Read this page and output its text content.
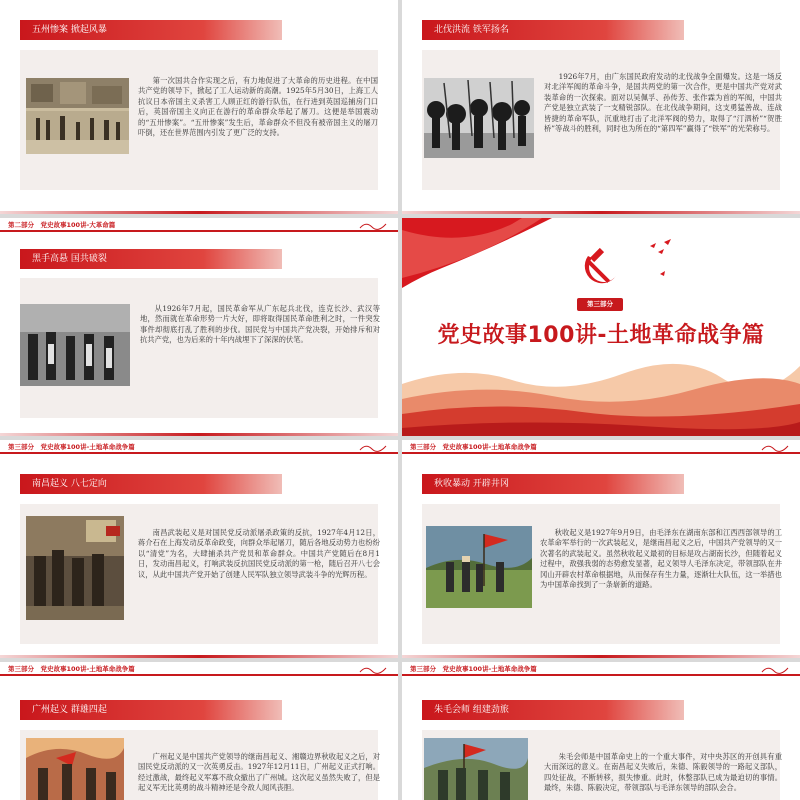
五州惨案 掀起风暴
第一次国共合作实现之后，有力地促进了大革命的历史进程。在中国共产党的领导下，掀起了工人运动新的高潮。1925年5月30日，上海工人抗议日本帝国主义杀害工人顾正红的游行队伍，在行进到英国巡捕房门口后，英国帝国主义向正在游行的革命群众举起了屠刀。这便是举国震动的“五卅惨案”。“五卅惨案”发生后，革命群众不但没有被帝国主义的屠刀吓倒，还在世界范围内引发了更广泛的支持。
北伐洪流 铁军扬名
1926年7月，由广东国民政府发动的北伐战争全面爆发。这是一场反对北洋军阀的革命斗争，是国共两党的第一次合作，更是中国共产党对武装革命的一次探索。面对以吴佩孚、孙传芳、张作霖为首的军阀，中国共产党是独立武装了一支精锐部队。在北伐战争期间，这支勇猛善战、连战皆捷的革命军队，沉重地打击了北洋军阀的势力，取得了“汀泗桥”“贺胜桥”等战斗的胜利，同时也为所在的“第四军”赢得了“铁军”的光荣称号。
第二部分　党史故事100讲-大革命篇
黑手高悬 国共破裂
从1926年7月起，国民革命军从广东起兵北伐，连克长沙、武汉等地，然而就在革命形势一片大好，即将取得国民革命胜利之时，一件突发事件却彻底打乱了胜利的步伐。国民党与中国共产党决裂，开始排斥和对抗共产党，也为后来的十年内战埋下了深深的伏笔。
第三部分
党史故事100讲-土地革命战争篇
第三部分　党史故事100讲-土地革命战争篇
南昌起义 八七定向
南昌武装起义是对国民党反动派屠杀政策的反抗，1927年4月12日，蒋介石在上海发动反革命政变，向群众举起屠刀，随后各地反动势力也纷纷以“清党”为名，大肆捕杀共产党员和革命群众。中国共产党随后在8月1日，发动南昌起义，打响武装反抗国民党反动派的第一枪，随后召开八七会议，从此中国共产党开始了创建人民军队独立领导武装斗争的光辉历程。
第三部分　党史故事100讲-土地革命战争篇
秋收暴动 开辟井冈
秋收起义是1927年9月9日，由毛泽东在湖南东部和江西西部领导的工农革命军举行的一次武装起义，是继南昌起义之后，中国共产党领导的又一次著名的武装起义。虽然秋收起义最初的目标是攻占湖南长沙，但随着起义过程中，敌强我弱的态势愈发显著，起义领导人毛泽东决定，带领部队在井冈山开辟农村革命根据地，从而保存有生力量，逐渐壮大队伍，这一举措也为中国革命找到了一条崭新的道路。
第三部分　党史故事100讲-土地革命战争篇
广州起义 群雄四起
广州起义是中国共产党领导的继南昌起义、湘赣边界秋收起义之后，对国民党反动派的又一次英勇反击。1927年12月11日，广州起义正式打响。经过激战，最终起义军寡不敌众撤出了广州城。这次起义虽然失败了，但是起义军无比英勇的战斗精神还是令敌人闻风丧胆。
第三部分　党史故事100讲-土地革命战争篇
朱毛会师 组建劲旅
朱毛会师是中国革命史上的一个重大事件，对中央苏区的开创具有重大而深远的意义。在南昌起义失败后，朱德、陈毅领导的一路起义部队，四处征战，不断转移，损失惨重。此时，休整部队已成为最迫切的事情。最终，朱德、陈毅决定，带领部队与毛泽东领导的部队会合。
